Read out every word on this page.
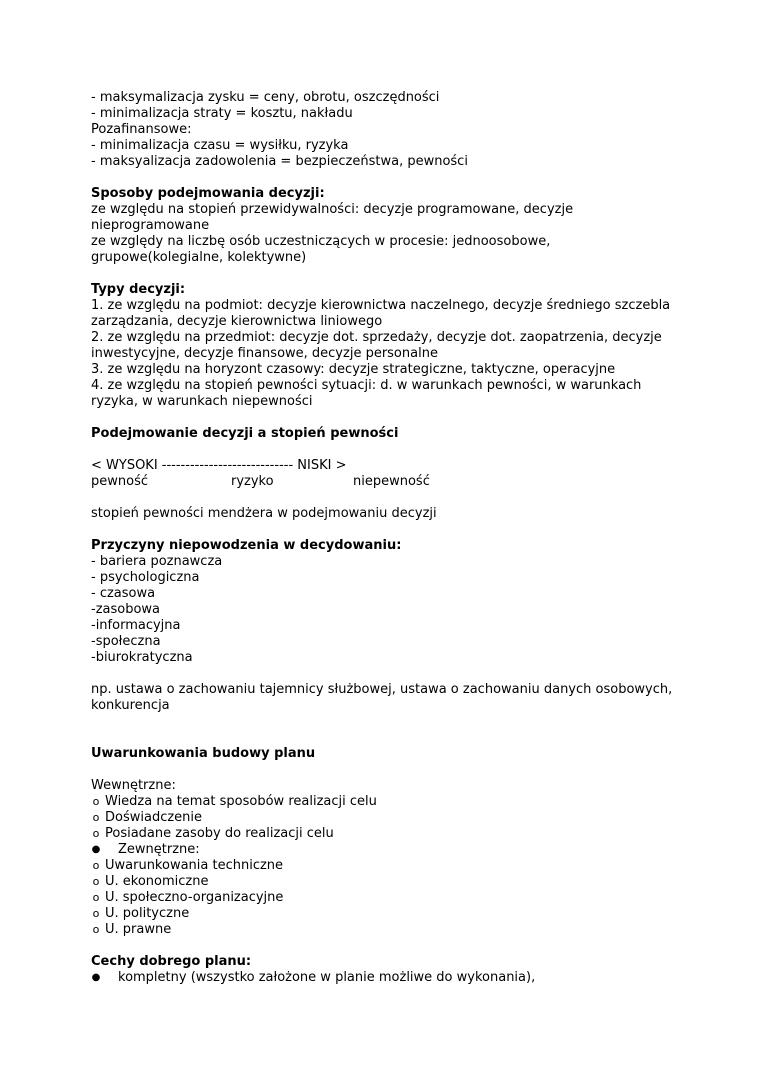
- maksymalizacja zysku = ceny, obrotu, oszczędności
- minimalizacja straty = kosztu, nakładu
Pozafinansowe:
- minimalizacja czasu = wysiłku, ryzyka
- maksyalizacja zadowolenia = bezpieczeństwa, pewności
Sposoby podejmowania decyzji:
ze względu na stopień przewidywalności: decyzje programowane, decyzje
nieprogramowane
ze względy na liczbę osób uczestniczących w procesie: jednoosobowe,
grupowe(kolegialne, kolektywne)
Typy decyzji:
1. ze względu na podmiot: decyzje kierownictwa naczelnego, decyzje średniego szczebla
zarządzania, decyzje kierownictwa liniowego
2. ze względu na przedmiot: decyzje dot. sprzedaży, decyzje dot. zaopatrzenia, decyzje
inwestycyjne, decyzje finansowe, decyzje personalne
3. ze względu na horyzont czasowy: decyzje strategiczne, taktyczne, operacyjne
4. ze względu na stopień pewności sytuacji: d. w warunkach pewności, w warunkach
ryzyka, w warunkach niepewności
Podejmowanie decyzji a stopień pewności
< WYSOKI ---------------------------- NISKI >
pewność	ryzyko	niepewność
stopień pewności mendżera w podejmowaniu decyzji
Przyczyny niepowodzenia w decydowaniu:
- bariera poznawcza
- psychologiczna
- czasowa
-zasobowa
-informacyjna
-społeczna
-biurokratyczna
np. ustawa o zachowaniu tajemnicy służbowej, ustawa o zachowaniu danych osobowych,
konkurencja
Uwarunkowania budowy planu
Wewnętrzne:
o Wiedza na temat sposobów realizacji celu
o Doświadczenie
o Posiadane zasoby do realizacji celu
● Zewnętrzne:
o Uwarunkowania techniczne
o U. ekonomiczne
o U. społeczno-organizacyjne
o U. polityczne
o U. prawne
Cechy dobrego planu:
● kompletny (wszystko założone w planie możliwe do wykonania),
